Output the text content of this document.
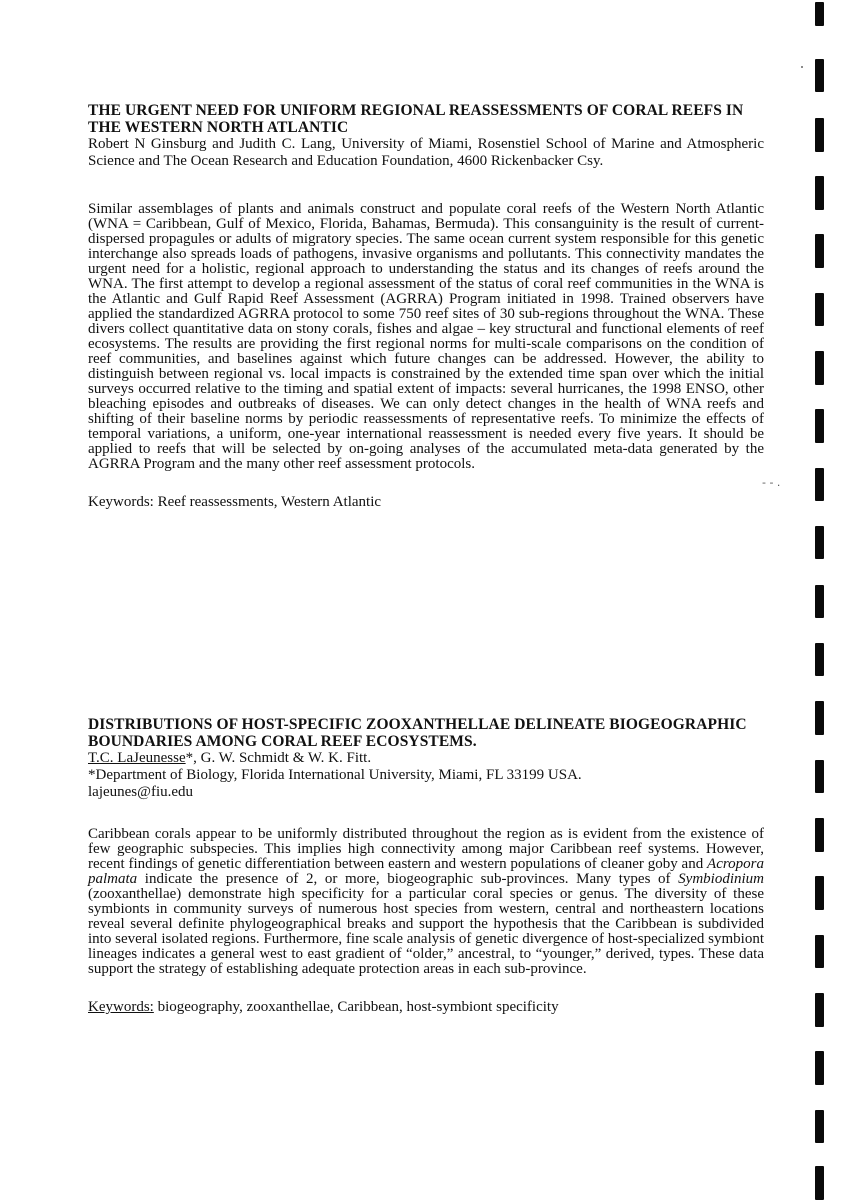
THE URGENT NEED FOR UNIFORM REGIONAL REASSESSMENTS OF CORAL REEFS IN THE WESTERN NORTH ATLANTIC

Robert N Ginsburg and Judith C. Lang, University of Miami, Rosenstiel School of Marine and Atmospheric Science and The Ocean Research and Education Foundation, 4600 Rickenbacker Csy.

Similar assemblages of plants and animals construct and populate coral reefs of the Western North Atlantic (WNA = Caribbean, Gulf of Mexico, Florida, Bahamas, Bermuda). This consanguinity is the result of current-dispersed propagules or adults of migratory species. The same ocean current system responsible for this genetic interchange also spreads loads of pathogens, invasive organisms and pollutants. This connectivity mandates the urgent need for a holistic, regional approach to understanding the status and its changes of reefs around the WNA. The first attempt to develop a regional assessment of the status of coral reef communities in the WNA is the Atlantic and Gulf Rapid Reef Assessment (AGRRA) Program initiated in 1998. Trained observers have applied the standardized AGRRA protocol to some 750 reef sites of 30 sub-regions throughout the WNA. These divers collect quantitative data on stony corals, fishes and algae – key structural and functional elements of reef ecosystems. The results are providing the first regional norms for multi-scale comparisons on the condition of reef communities, and baselines against which future changes can be addressed. However, the ability to distinguish between regional vs. local impacts is constrained by the extended time span over which the initial surveys occurred relative to the timing and spatial extent of impacts: several hurricanes, the 1998 ENSO, other bleaching episodes and outbreaks of diseases. We can only detect changes in the health of WNA reefs and shifting of their baseline norms by periodic reassessments of representative reefs. To minimize the effects of temporal variations, a uniform, one-year international reassessment is needed every five years. It should be applied to reefs that will be selected by on-going analyses of the accumulated meta-data generated by the AGRRA Program and the many other reef assessment protocols.

Keywords: Reef reassessments, Western Atlantic

DISTRIBUTIONS OF HOST-SPECIFIC ZOOXANTHELLAE DELINEATE BIOGEOGRAPHIC BOUNDARIES AMONG CORAL REEF ECOSYSTEMS.

T.C. LaJeunesse*, G. W. Schmidt & W. K. Fitt.

*Department of Biology, Florida International University, Miami, FL 33199 USA.

lajeunes@fiu.edu

Caribbean corals appear to be uniformly distributed throughout the region as is evident from the existence of few geographic subspecies. This implies high connectivity among major Caribbean reef systems. However, recent findings of genetic differentiation between eastern and western populations of cleaner goby and Acropora palmata indicate the presence of 2, or more, biogeographic sub-provinces. Many types of Symbiodinium (zooxanthellae) demonstrate high specificity for a particular coral species or genus. The diversity of these symbionts in community surveys of numerous host species from western, central and northeastern locations reveal several definite phylogeographical breaks and support the hypothesis that the Caribbean is subdivided into several isolated regions. Furthermore, fine scale analysis of genetic divergence of host-specialized symbiont lineages indicates a general west to east gradient of “older,” ancestral, to “younger,” derived, types. These data support the strategy of establishing adequate protection areas in each sub-province.

Keywords: biogeography, zooxanthellae, Caribbean, host-symbiont specificity

- - .
